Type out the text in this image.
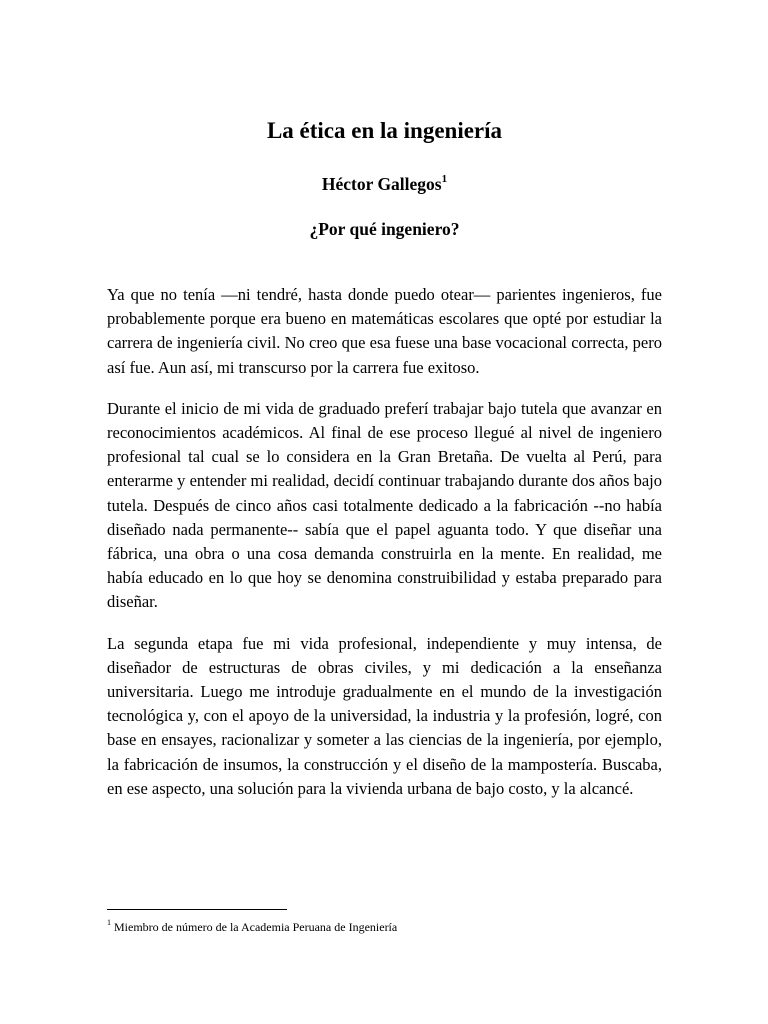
La ética en la ingeniería
Héctor Gallegos$^1$
¿Por qué ingeniero?

Ya que no tenía —ni tendré, hasta donde puedo otear— parientes ingenieros, fue probablemente porque era bueno en matemáticas escolares que opté por estudiar la carrera de ingeniería civil. No creo que esa fuese una base vocacional correcta, pero así fue. Aun así, mi transcurso por la carrera fue exitoso.

Durante el inicio de mi vida de graduado preferí trabajar bajo tutela que avanzar en reconocimientos académicos. Al final de ese proceso llegué al nivel de ingeniero profesional tal cual se lo considera en la Gran Bretaña. De vuelta al Perú, para enterarme y entender mi realidad, decidí continuar trabajando durante dos años bajo tutela. Después de cinco años casi totalmente dedicado a la fabricación --no había diseñado nada permanente-- sabía que el papel aguanta todo. Y que diseñar una fábrica, una obra o una cosa demanda construirla en la mente. En realidad, me había educado en lo que hoy se denomina construibilidad y estaba preparado para diseñar.

La segunda etapa fue mi vida profesional, independiente y muy intensa, de diseñador de estructuras de obras civiles, y mi dedicación a la enseñanza universitaria. Luego me introduje gradualmente en el mundo de la investigación tecnológica y, con el apoyo de la universidad, la industria y la profesión, logré, con base en ensayes, racionalizar y someter a las ciencias de la ingeniería, por ejemplo, la fabricación de insumos, la construcción y el diseño de la mampostería. Buscaba, en ese aspecto, una solución para la vivienda urbana de bajo costo, y la alcancé.

$^1$ Miembro de número de la Academia Peruana de Ingeniería
